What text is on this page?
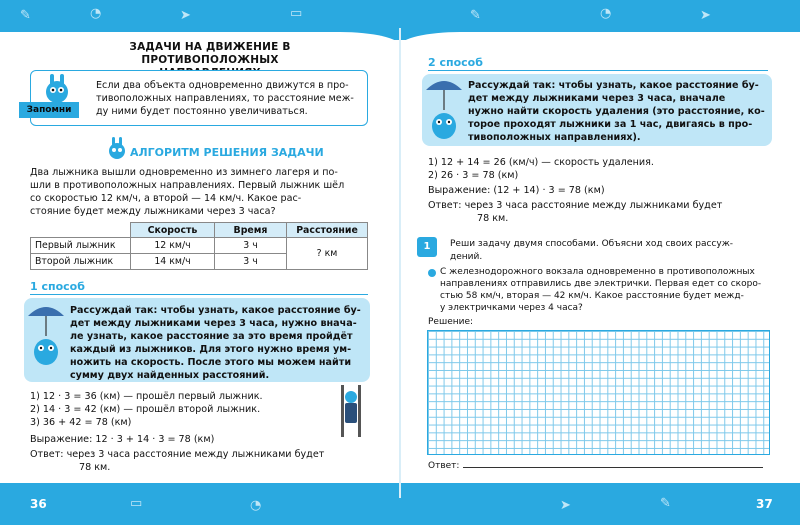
✎	◔	➤	▭	✎	◔	➤
▭	◔	➤	✎
36	37
ЗАДАЧИ НА ДВИЖЕНИЕ В ПРОТИВОПОЛОЖНЫХ
Запомни
Если два объекта одновременно движутся в про-
тивоположных направлениях, то расстояние меж-
ду ними будет постоянно увеличиваться.
АЛГОРИТМ РЕШЕНИЯ ЗАДАЧИ
Два лыжника вышли одновременно из зимнего лагеря и по-
шли в противоположных направлениях. Первый лыжник шёл
со скоростью 12 км/ч, а второй — 14 км/ч. Какое рас-
стояние будет между лыжниками через 3 часа?
	Скорость	Время	Расстояние
Первый лыжник	12 км/ч	3 ч	? км
Второй лыжник	14 км/ч	3 ч	
1 способ
Рассуждай так: чтобы узнать, какое расстояние бу-
дет между лыжниками через 3 часа, нужно внача-
ле узнать, какое расстояние за это время пройдёт
каждый из лыжников. Для этого нужно время ум-
ножить на скорость. После этого мы можем найти
сумму двух найденных расстояний.
1) 12 · 3 = 36 (км) — прошёл первый лыжник.
2) 14 · 3 = 42 (км) — прошёл второй лыжник.
3) 36 + 42 = 78 (км)
Выражение: 12 · 3 + 14 · 3 = 78 (км)
Ответ: через 3 часа расстояние между лыжниками будет
78 км.
2 способ
Рассуждай так: чтобы узнать, какое расстояние бу-
дет между лыжниками через 3 часа, вначале
нужно найти скорость удаления (это расстояние, ко-
торое проходят лыжники за 1 час, двигаясь в про-
тивоположных направлениях).
1) 12 + 14 = 26 (км/ч) — скорость удаления.
2) 26 · 3 = 78 (км)
Выражение: (12 + 14) · 3 = 78 (км)
Ответ: через 3 часа расстояние между лыжниками будет
78 км.
1	Реши задачу двумя способами. Объясни ход своих рассуж-
дений.
С железнодорожного вокзала одновременно в противоположных
направлениях отправились две электрички. Первая едет со скоро-
стью 58 км/ч, вторая — 42 км/ч. Какое расстояние будет межд-
у электричками через 4 часа?
Решение:
Ответ:
